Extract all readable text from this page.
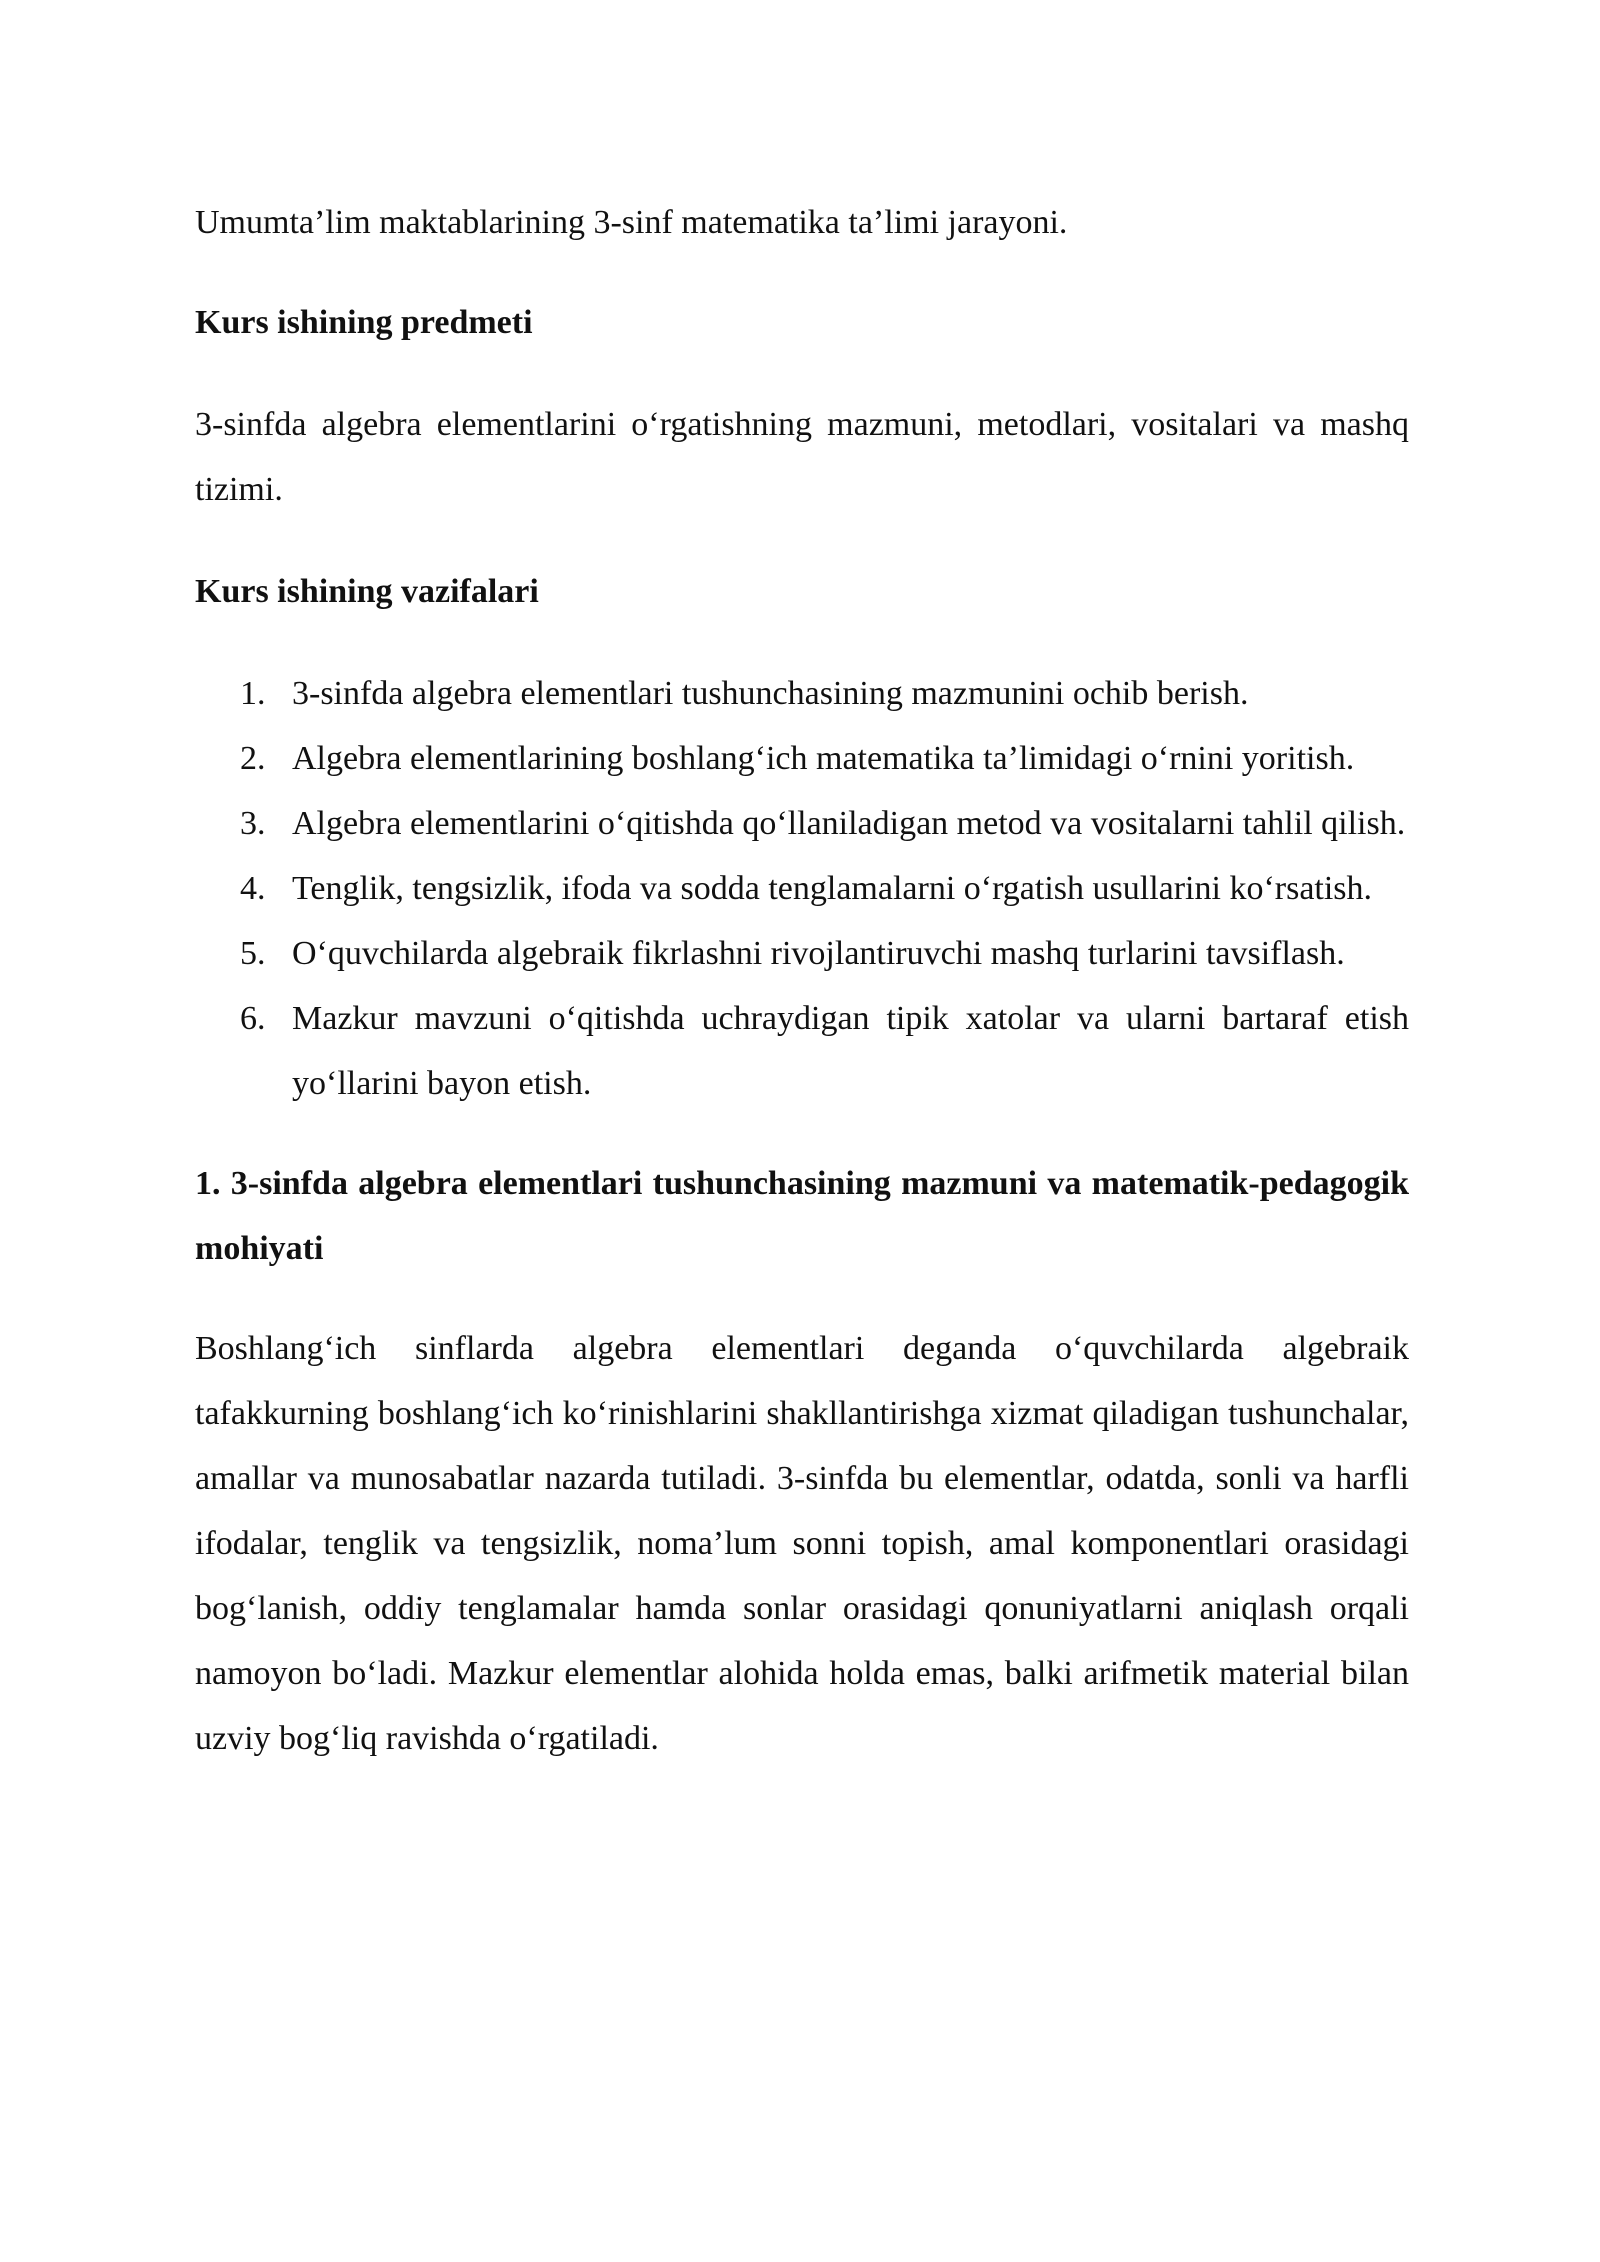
Umumta’lim maktablarining 3-sinf matematika ta’limi jarayoni.

Kurs ishining predmeti

3-sinfda algebra elementlarini o‘rgatishning mazmuni, metodlari, vositalari va mashq tizimi.

Kurs ishining vazifalari

1. 3-sinfda algebra elementlari tushunchasining mazmunini ochib berish.
2. Algebra elementlarining boshlang‘ich matematika ta’limidagi o‘rnini yoritish.
3. Algebra elementlarini o‘qitishda qo‘llaniladigan metod va vositalarni tahlil qilish.
4. Tenglik, tengsizlik, ifoda va sodda tenglamalarni o‘rgatish usullarini ko‘rsatish.
5. O‘quvchilarda algebraik fikrlashni rivojlantiruvchi mashq turlarini tavsiflash.
6. Mazkur mavzuni o‘qitishda uchraydigan tipik xatolar va ularni bartaraf etish yo‘llarini bayon etish.

1. 3-sinfda algebra elementlari tushunchasining mazmuni va matematik-pedagogik mohiyati

Boshlang‘ich sinflarda algebra elementlari deganda o‘quvchilarda algebraik tafakkurning boshlang‘ich ko‘rinishlarini shakllantirishga xizmat qiladigan tushunchalar, amallar va munosabatlar nazarda tutiladi. 3-sinfda bu elementlar, odatda, sonli va harfli ifodalar, tenglik va tengsizlik, noma’lum sonni topish, amal komponentlari orasidagi bog‘lanish, oddiy tenglamalar hamda sonlar orasidagi qonuniyatlarni aniqlash orqali namoyon bo‘ladi. Mazkur elementlar alohida holda emas, balki arifmetik material bilan uzviy bog‘liq ravishda o‘rgatiladi.
